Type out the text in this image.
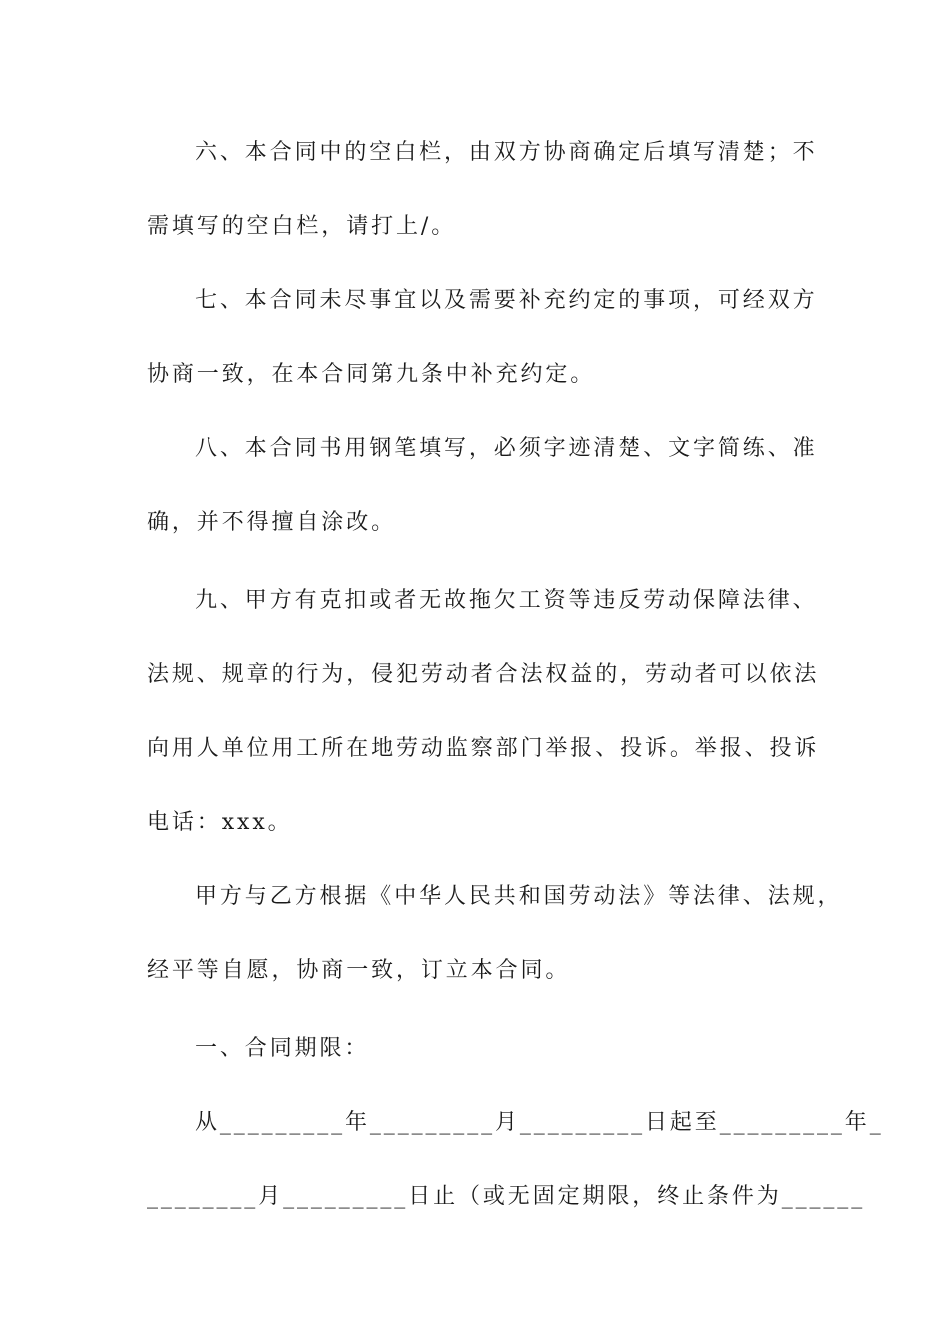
六、本合同中的空白栏，由双方协商确定后填写清楚；不

需填写的空白栏，请打上/。

七、本合同未尽事宜以及需要补充约定的事项，可经双方

协商一致，在本合同第九条中补充约定。

八、本合同书用钢笔填写，必须字迹清楚、文字简练、准

确，并不得擅自涂改。

九、甲方有克扣或者无故拖欠工资等违反劳动保障法律、

法规、规章的行为，侵犯劳动者合法权益的，劳动者可以依法

向用人单位用工所在地劳动监察部门举报、投诉。举报、投诉

电话：xxx。

甲方与乙方根据《中华人民共和国劳动法》等法律、法规，

经平等自愿，协商一致，订立本合同。

一、合同期限：

从_________年_________月_________日起至_________年_

________月_________日止（或无固定期限，终止条件为______
